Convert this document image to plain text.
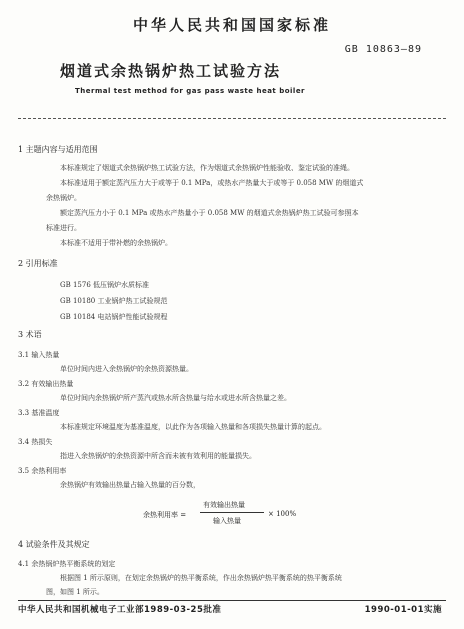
中华人民共和国国家标准
GB 10863—89
烟道式余热锅炉热工试验方法
Thermal test method for gas pass waste heat boiler
1 主题内容与适用范围
本标准规定了烟道式余热锅炉热工试验方法，作为烟道式余热锅炉性能验收、鉴定试验的准绳。
本标准适用于额定蒸汽压力大于或等于 0.1 MPa，或热水产热量大于或等于 0.058 MW 的烟道式
余热锅炉。
额定蒸汽压力小于 0.1 MPa 或热水产热量小于 0.058 MW 的烟道式余热锅炉热工试验可参照本
标准进行。
本标准不适用于带补燃的余热锅炉。
2 引用标准
GB 1576 低压锅炉水质标准
GB 10180 工业锅炉热工试验规范
GB 10184 电站锅炉性能试验规程
3 术语
3.1 输入热量
单位时间内进入余热锅炉的余热资源热量。
3.2 有效输出热量
单位时间内余热锅炉所产蒸汽或热水所含热量与给水或进水所含热量之差。
3.3 基准温度
本标准规定环境温度为基准温度，以此作为各项输入热量和各项损失热量计算的起点。
3.4 热损失
指进入余热锅炉的余热资源中所含而未被有效利用的能量损失。
3.5 余热利用率
余热锅炉有效输出热量占输入热量的百分数，
余热利用率 =
有效输出热量
输入热量
× 100%
4 试验条件及其规定
4.1 余热锅炉热平衡系统的划定
根据图 1 所示原则，在划定余热锅炉的热平衡系统，作出余热锅炉热平衡系统的热平衡系统
图，如图 1 所示。
中华人民共和国机械电子工业部1989-03-25批准	1990-01-01实施
